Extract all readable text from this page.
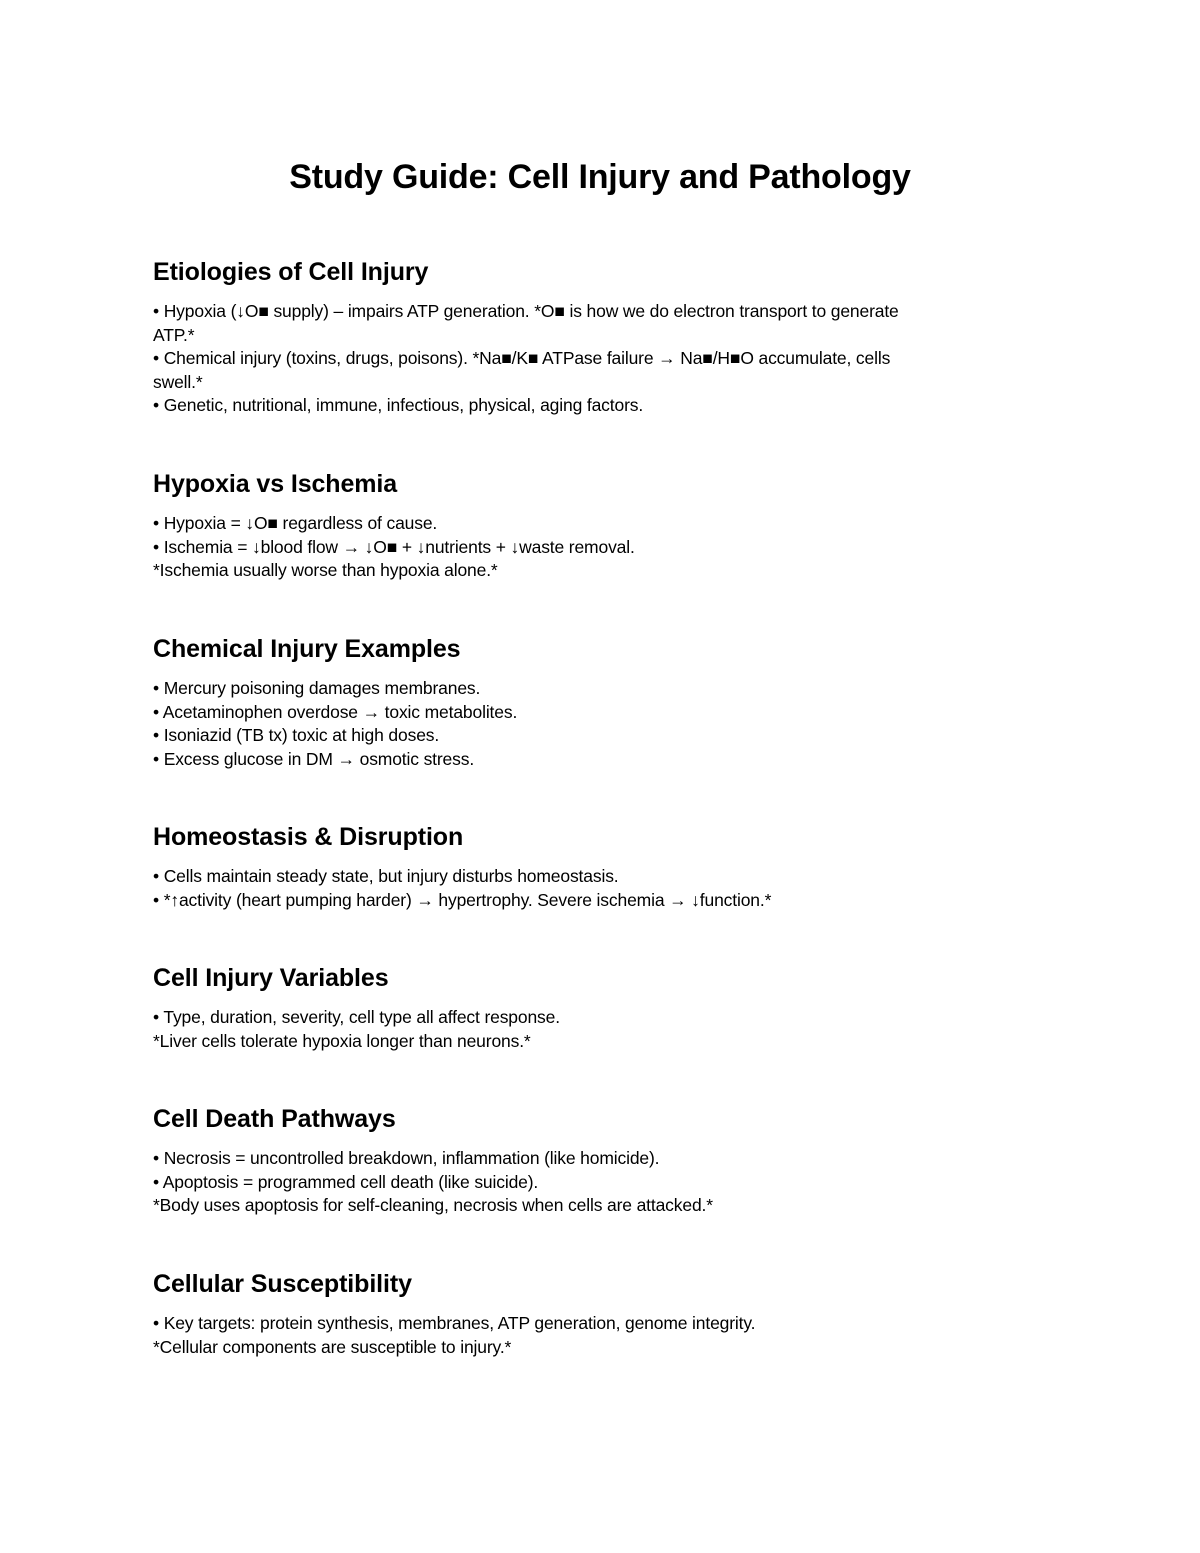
Study Guide: Cell Injury and Pathology
Etiologies of Cell Injury
• Hypoxia (↓O■ supply) – impairs ATP generation. *O■ is how we do electron transport to generate
ATP.*
• Chemical injury (toxins, drugs, poisons). *Na■/K■ ATPase failure → Na■/H■O accumulate, cells
swell.*
• Genetic, nutritional, immune, infectious, physical, aging factors.
Hypoxia vs Ischemia
• Hypoxia = ↓O■ regardless of cause.
• Ischemia = ↓blood flow → ↓O■ + ↓nutrients + ↓waste removal.
*Ischemia usually worse than hypoxia alone.*
Chemical Injury Examples
• Mercury poisoning damages membranes.
• Acetaminophen overdose → toxic metabolites.
• Isoniazid (TB tx) toxic at high doses.
• Excess glucose in DM → osmotic stress.
Homeostasis & Disruption
• Cells maintain steady state, but injury disturbs homeostasis.
• *↑activity (heart pumping harder) → hypertrophy. Severe ischemia → ↓function.*
Cell Injury Variables
• Type, duration, severity, cell type all affect response.
*Liver cells tolerate hypoxia longer than neurons.*
Cell Death Pathways
• Necrosis = uncontrolled breakdown, inflammation (like homicide).
• Apoptosis = programmed cell death (like suicide).
*Body uses apoptosis for self-cleaning, necrosis when cells are attacked.*
Cellular Susceptibility
• Key targets: protein synthesis, membranes, ATP generation, genome integrity.
*Cellular components are susceptible to injury.*
